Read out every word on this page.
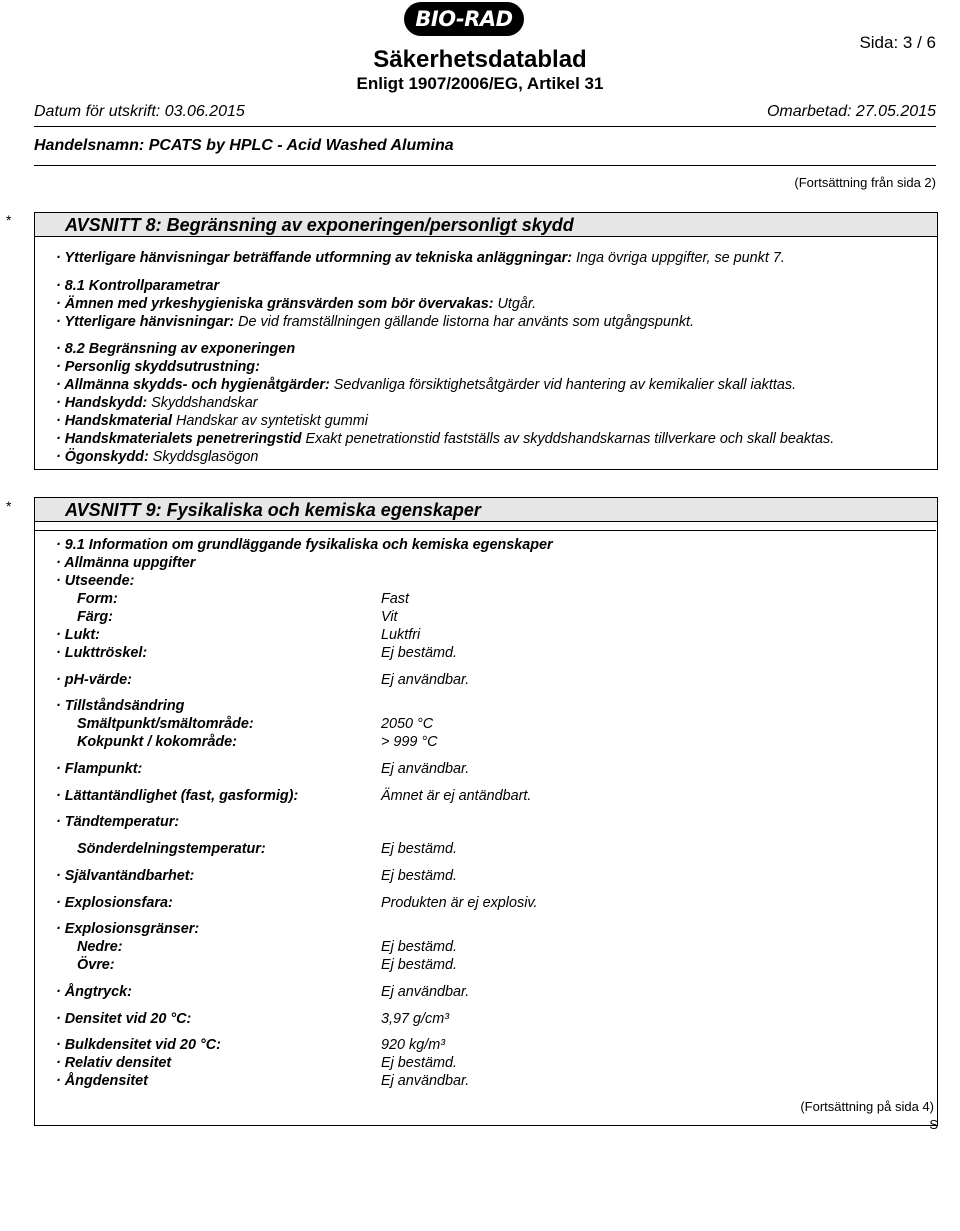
BIO-RAD
Sida: 3 / 6
Säkerhetsdatablad
Enligt 1907/2006/EG, Artikel 31
Datum för utskrift: 03.06.2015	Omarbetad: 27.05.2015
Handelsnamn: PCATS by HPLC - Acid Washed Alumina
(Fortsättning från sida 2)
*	AVSNITT 8: Begränsning av exponeringen/personligt skydd
· Ytterligare hänvisningar beträffande utformning av tekniska anläggningar: Inga övriga uppgifter, se punkt 7.
· 8.1 Kontrollparametrar
· Ämnen med yrkeshygieniska gränsvärden som bör övervakas: Utgår.
· Ytterligare hänvisningar: De vid framställningen gällande listorna har använts som utgångspunkt.
· 8.2 Begränsning av exponeringen
· Personlig skyddsutrustning:
· Allmänna skydds- och hygienåtgärder: Sedvanliga försiktighetsåtgärder vid hantering av kemikalier skall iakttas.
· Handskydd: Skyddshandskar
· Handskmaterial Handskar av syntetiskt gummi
· Handskmaterialets penetreringstid Exakt penetrationstid fastställs av skyddshandskarnas tillverkare och skall beaktas.
· Ögonskydd: Skyddsglasögon
*	AVSNITT 9: Fysikaliska och kemiska egenskaper
· 9.1 Information om grundläggande fysikaliska och kemiska egenskaper
· Allmänna uppgifter
· Utseende:
Form:	Fast
Färg:	Vit
· Lukt:	Luktfri
· Lukttröskel:	Ej bestämd.
· pH-värde:	Ej användbar.
· Tillståndsändring
Smältpunkt/smältområde:	2050 °C
Kokpunkt / kokområde:	> 999 °C
· Flampunkt:	Ej användbar.
· Lättantändlighet (fast, gasformig):	Ämnet är ej antändbart.
· Tändtemperatur:
Sönderdelningstemperatur:	Ej bestämd.
· Självantändbarhet:	Ej bestämd.
· Explosionsfara:	Produkten är ej explosiv.
· Explosionsgränser:
Nedre:	Ej bestämd.
Övre:	Ej bestämd.
· Ångtryck:	Ej användbar.
· Densitet vid 20 °C:	3,97 g/cm³
· Bulkdensitet vid 20 °C:	920 kg/m³
· Relativ densitet	Ej bestämd.
· Ångdensitet	Ej användbar.
(Fortsättning på sida 4)
S
